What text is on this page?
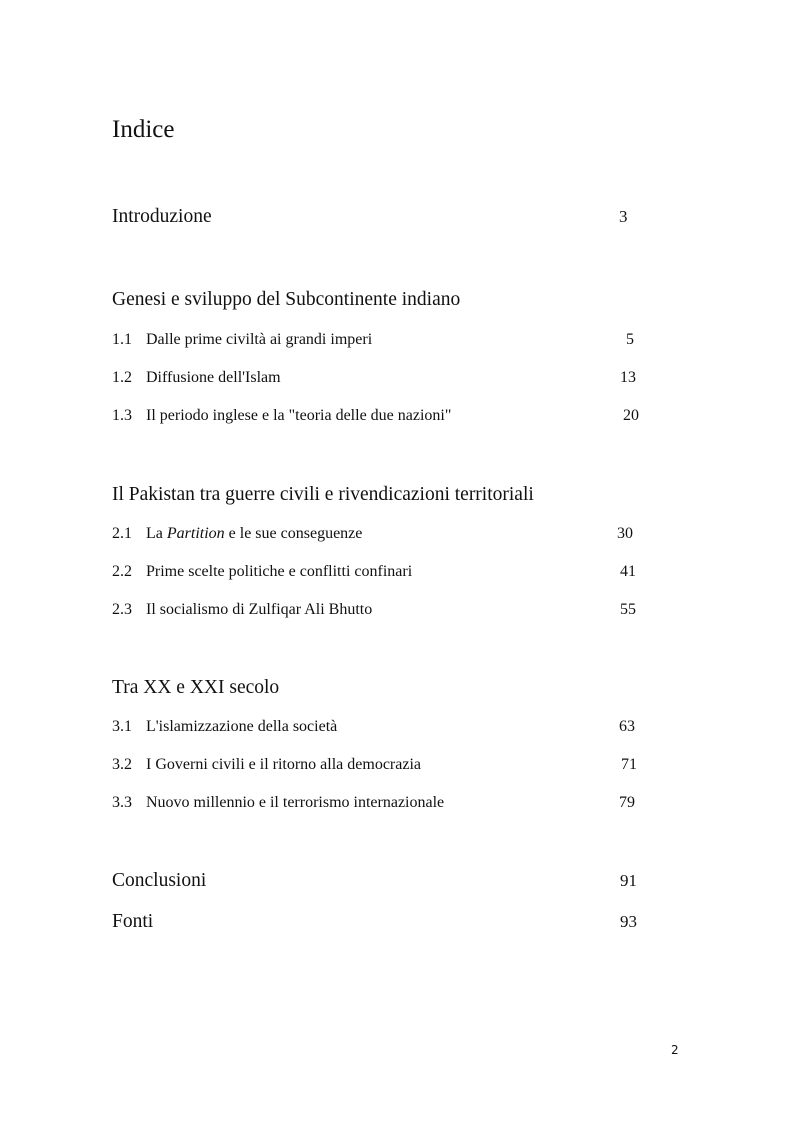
Indice
Introduzione	3
Genesi e sviluppo del Subcontinente indiano
1.1 Dalle prime civiltà ai grandi imperi	5
1.2 Diffusione dell'Islam	13
1.3 Il periodo inglese e la "teoria delle due nazioni"	20
Il Pakistan tra guerre civili e rivendicazioni territoriali
2.1 La Partition e le sue conseguenze	30
2.2 Prime scelte politiche e conflitti confinari	41
2.3 Il socialismo di Zulfiqar Ali Bhutto	55
Tra XX e XXI secolo
3.1 L'islamizzazione della società	63
3.2 I Governi civili e il ritorno alla democrazia	71
3.3 Nuovo millennio e il terrorismo internazionale	79
Conclusioni	91
Fonti	93
2
